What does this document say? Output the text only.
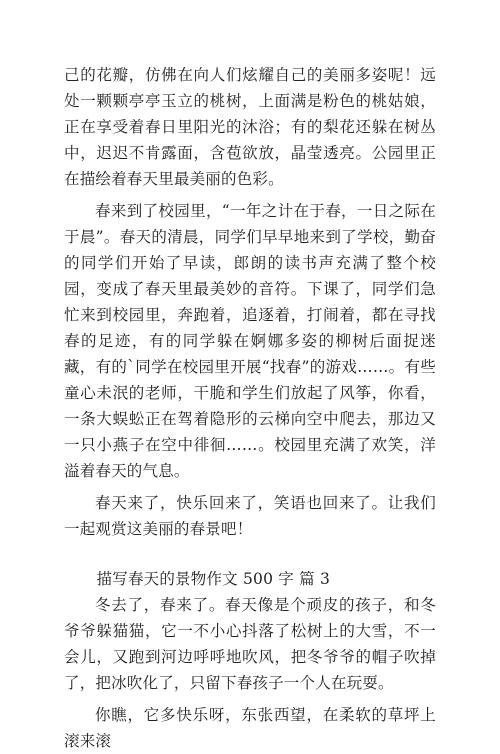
己的花瓣，仿佛在向人们炫耀自己的美丽多姿呢！远处一颗颗亭亭玉立的桃树，上面满是粉色的桃姑娘，正在享受着春日里阳光的沐浴；有的梨花还躲在树丛中，迟迟不肯露面，含苞欲放，晶莹透亮。公园里正在描绘着春天里最美丽的色彩。

春来到了校园里，“一年之计在于春，一日之际在于晨”。春天的清晨，同学们早早地来到了学校，勤奋的同学们开始了早读，郎朗的读书声充满了整个校园，变成了春天里最美妙的音符。下课了，同学们急忙来到校园里，奔跑着，追逐着，打闹着，都在寻找春的足迹，有的同学躲在婀娜多姿的柳树后面捉迷藏，有的`同学在校园里开展“找春”的游戏……。有些童心未泯的老师，干脆和学生们放起了风筝，你看，一条大蜈蚣正在驾着隐形的云梯向空中爬去，那边又一只小燕子在空中徘徊……。校园里充满了欢笑，洋溢着春天的气息。

春天来了，快乐回来了，笑语也回来了。让我们一起观赏这美丽的春景吧！

描写春天的景物作文 500 字 篇 3

冬去了，春来了。春天像是个顽皮的孩子，和冬爷爷躲猫猫，它一不小心抖落了松树上的大雪，不一会儿，又跑到河边呼呼地吹风，把冬爷爷的帽子吹掉了，把冰吹化了，只留下春孩子一个人在玩耍。

你瞧，它多快乐呀，东张西望，在柔软的草坪上滚来滚
